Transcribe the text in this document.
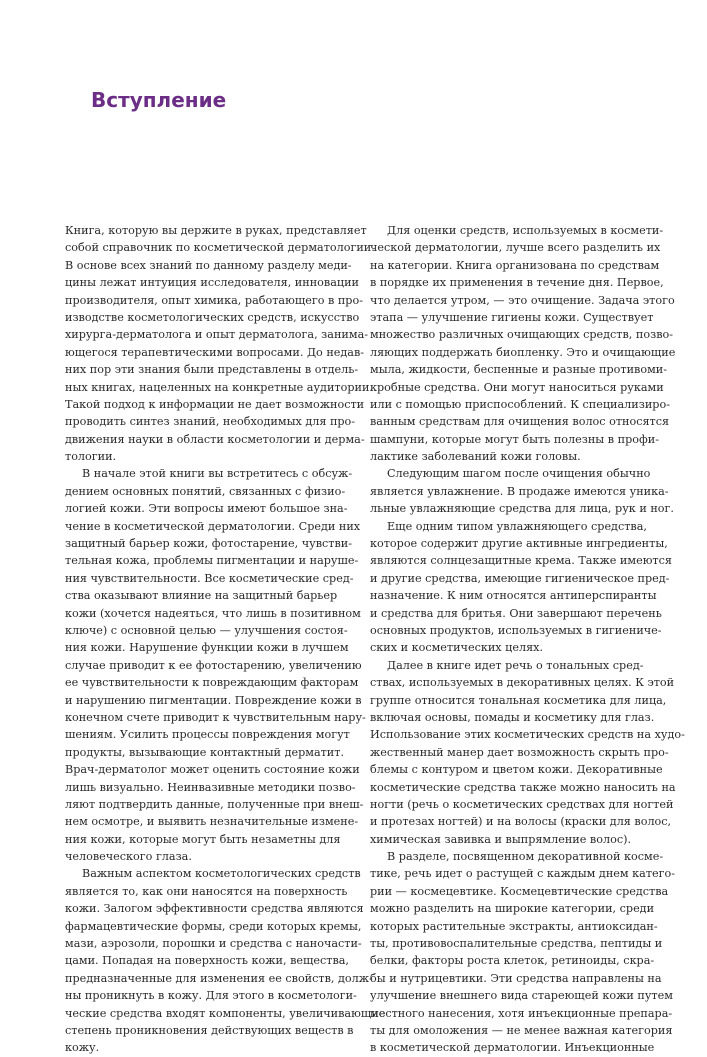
Вступление
Книга, которую вы держите в руках, представляет
собой справочник по косметической дерматологии.
В основе всех знаний по данному разделу меди-
цины лежат интуиция исследователя, инновации
производителя, опыт химика, работающего в про-
изводстве косметологических средств, искусство
хирурга-дерматолога и опыт дерматолога, занима-
ющегося терапевтическими вопросами. До недав-
них пор эти знания были представлены в отдель-
ных книгах, нацеленных на конкретные аудитории.
Такой подход к информации не дает возможности
проводить синтез знаний, необходимых для про-
движения науки в области косметологии и дерма-
тологии.
В начале этой книги вы встретитесь с обсуж-
дением основных понятий, связанных с физио-
логией кожи. Эти вопросы имеют большое зна-
чение в косметической дерматологии. Среди них
защитный барьер кожи, фотостарение, чувстви-
тельная кожа, проблемы пигментации и наруше-
ния чувствительности. Все косметические сред-
ства оказывают влияние на защитный барьер
кожи (хочется надеяться, что лишь в позитивном
ключе) с основной целью — улучшения состоя-
ния кожи. Нарушение функции кожи в лучшем
случае приводит к ее фотостарению, увеличению
ее чувствительности к повреждающим факторам
и нарушению пигментации. Повреждение кожи в
конечном счете приводит к чувствительным нару-
шениям. Усилить процессы повреждения могут
продукты, вызывающие контактный дерматит.
Врач-дерматолог может оценить состояние кожи
лишь визуально. Неинвазивные методики позво-
ляют подтвердить данные, полученные при внеш-
нем осмотре, и выявить незначительные измене-
ния кожи, которые могут быть незаметны для
человеческого глаза.
Важным аспектом косметологических средств
является то, как они наносятся на поверхность
кожи. Залогом эффективности средства являются
фармацевтические формы, среди которых кремы,
мази, аэрозоли, порошки и средства с наночасти-
цами. Попадая на поверхность кожи, вещества,
предназначенные для изменения ее свойств, долж-
ны проникнуть в кожу. Для этого в косметологи-
ческие средства входят компоненты, увеличивающие
степень проникновения действующих веществ в
кожу.
Для оценки средств, используемых в космети-
ческой дерматологии, лучше всего разделить их
на категории. Книга организована по средствам
в порядке их применения в течение дня. Первое,
что делается утром, — это очищение. Задача этого
этапа — улучшение гигиены кожи. Существует
множество различных очищающих средств, позво-
ляющих поддержать биопленку. Это и очищающие
мыла, жидкости, беспенные и разные противоми-
кробные средства. Они могут наноситься руками
или с помощью приспособлений. К специализиро-
ванным средствам для очищения волос относятся
шампуни, которые могут быть полезны в профи-
лактике заболеваний кожи головы.
Следующим шагом после очищения обычно
является увлажнение. В продаже имеются уника-
льные увлажняющие средства для лица, рук и ног.
Еще одним типом увлажняющего средства,
которое содержит другие активные ингредиенты,
являются солнцезащитные крема. Также имеются
и другие средства, имеющие гигиеническое пред-
назначение. К ним относятся антиперспиранты
и средства для бритья. Они завершают перечень
основных продуктов, используемых в гигиениче-
ских и косметических целях.
Далее в книге идет речь о тональных сред-
ствах, используемых в декоративных целях. К этой
группе относится тональная косметика для лица,
включая основы, помады и косметику для глаз.
Использование этих косметических средств на худо-
жественный манер дает возможность скрыть про-
блемы с контуром и цветом кожи. Декоративные
косметические средства также можно наносить на
ногти (речь о косметических средствах для ногтей
и протезах ногтей) и на волосы (краски для волос,
химическая завивка и выпрямление волос).
В разделе, посвященном декоративной косме-
тике, речь идет о растущей с каждым днем катего-
рии — космецевтике. Космецевтические средства
можно разделить на широкие категории, среди
которых растительные экстракты, антиоксидан-
ты, противовоспалительные средства, пептиды и
белки, факторы роста клеток, ретиноиды, скра-
бы и нутрицевтики. Эти средства направлены на
улучшение внешнего вида стареющей кожи путем
местного нанесения, хотя инъекционные препара-
ты для омоложения — не менее важная категория
в косметической дерматологии. Инъекционные
